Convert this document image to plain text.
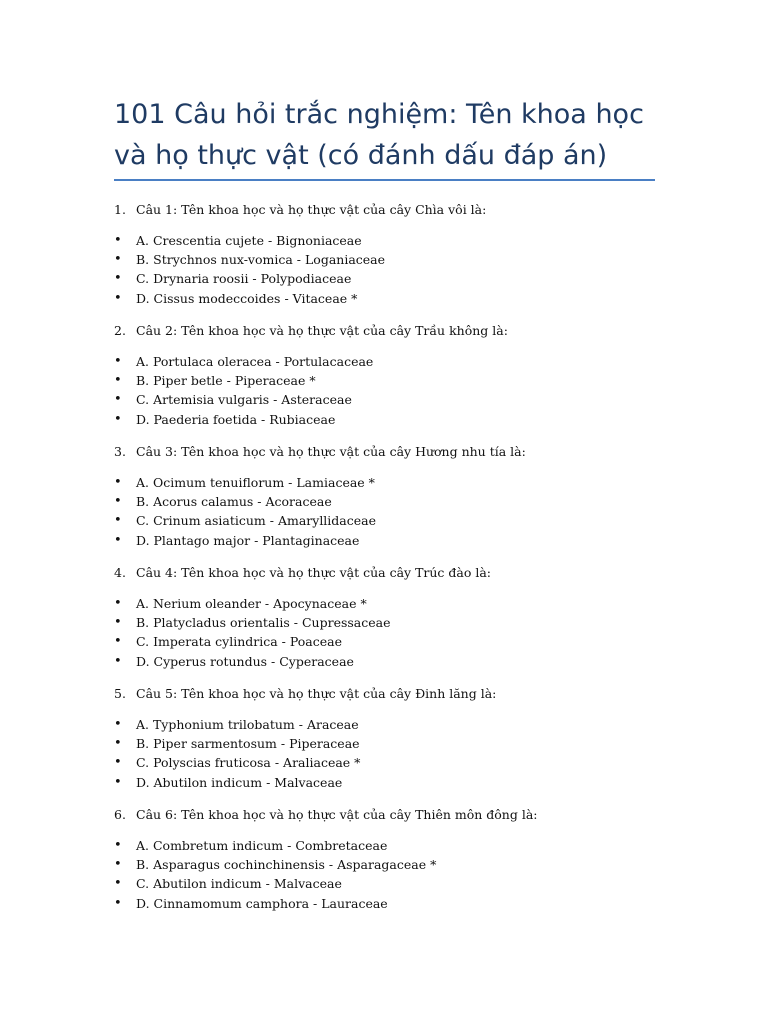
101 Câu hỏi trắc nghiệm: Tên khoa học và họ thực vật (có đánh dấu đáp án)
1. Câu 1: Tên khoa học và họ thực vật của cây Chìa vôi là:
• A. Crescentia cujete - Bignoniaceae
• B. Strychnos nux-vomica - Loganiaceae
• C. Drynaria roosii - Polypodiaceae
• D. Cissus modeccoides - Vitaceae *
2. Câu 2: Tên khoa học và họ thực vật của cây Trầu không là:
• A. Portulaca oleracea - Portulacaceae
• B. Piper betle - Piperaceae *
• C. Artemisia vulgaris - Asteraceae
• D. Paederia foetida - Rubiaceae
3. Câu 3: Tên khoa học và họ thực vật của cây Hương nhu tía là:
• A. Ocimum tenuiflorum - Lamiaceae *
• B. Acorus calamus - Acoraceae
• C. Crinum asiaticum - Amaryllidaceae
• D. Plantago major - Plantaginaceae
4. Câu 4: Tên khoa học và họ thực vật của cây Trúc đào là:
• A. Nerium oleander - Apocynaceae *
• B. Platycladus orientalis - Cupressaceae
• C. Imperata cylindrica - Poaceae
• D. Cyperus rotundus - Cyperaceae
5. Câu 5: Tên khoa học và họ thực vật của cây Đinh lăng là:
• A. Typhonium trilobatum - Araceae
• B. Piper sarmentosum - Piperaceae
• C. Polyscias fruticosa - Araliaceae *
• D. Abutilon indicum - Malvaceae
6. Câu 6: Tên khoa học và họ thực vật của cây Thiên môn đông là:
• A. Combretum indicum - Combretaceae
• B. Asparagus cochinchinensis - Asparagaceae *
• C. Abutilon indicum - Malvaceae
• D. Cinnamomum camphora - Lauraceae
